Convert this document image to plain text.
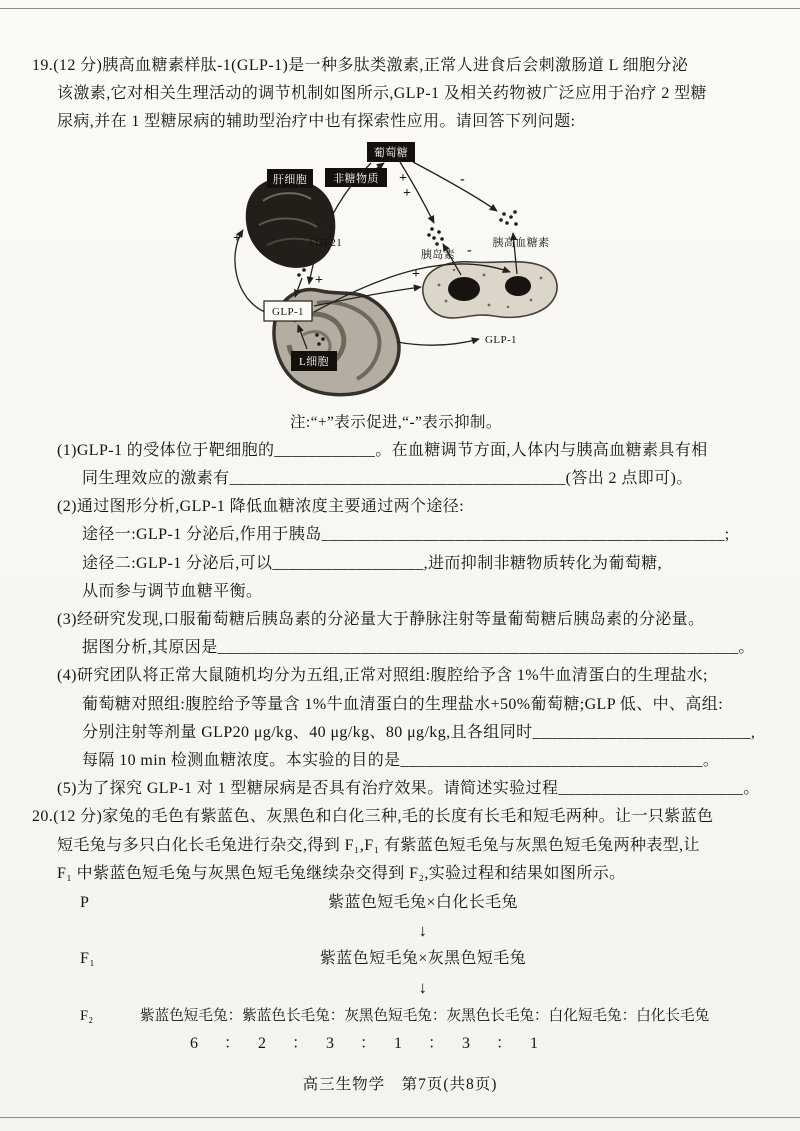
19.(12 分)胰高血糖素样肽-1(GLP-1)是一种多肽类激素,正常人进食后会刺激肠道 L 细胞分泌
该激素,它对相关生理活动的调节机制如图所示,GLP-1 及相关药物被广泛应用于治疗 2 型糖
尿病,并在 1 型糖尿病的辅助型治疗中也有探索性应用。请回答下列问题:
+	-
+
+
-
+
+
葡萄糖
肝细胞 非糖物质
GLP-1
L细胞
FGF21
胰岛素
胰高血糖素
GLP-1
注:“+”表示促进,“-”表示抑制。
(1)GLP-1 的受体位于靶细胞的____________。在血糖调节方面,人体内与胰高血糖素具有相
同生理效应的激素有________________________________________(答出 2 点即可)。
(2)通过图形分析,GLP-1 降低血糖浓度主要通过两个途径:
途径一:GLP-1 分泌后,作用于胰岛________________________________________________;
途径二:GLP-1 分泌后,可以__________________,进而抑制非糖物质转化为葡萄糖,
从而参与调节血糖平衡。
(3)经研究发现,口服葡萄糖后胰岛素的分泌量大于静脉注射等量葡萄糖后胰岛素的分泌量。
据图分析,其原因是______________________________________________________________。
(4)研究团队将正常大鼠随机均分为五组,正常对照组:腹腔给予含 1%牛血清蛋白的生理盐水;
葡萄糖对照组:腹腔给予等量含 1%牛血清蛋白的生理盐水+50%葡萄糖;GLP 低、中、高组:
分别注射等剂量 GLP20 μg/kg、40 μg/kg、80 μg/kg,且各组同时__________________________,
每隔 10 min 检测血糖浓度。本实验的目的是____________________________________。
(5)为了探究 GLP-1 对 1 型糖尿病是否具有治疗效果。请简述实验过程______________________。
20.(12 分)家兔的毛色有紫蓝色、灰黑色和白化三种,毛的长度有长毛和短毛两种。让一只紫蓝色
短毛兔与多只白化长毛兔进行杂交,得到 F₁,F₁ 有紫蓝色短毛兔与灰黑色短毛兔两种表型,让
F₁ 中紫蓝色短毛兔与灰黑色短毛兔继续杂交得到 F₂,实验过程和结果如图所示。
P	紫蓝色短毛兔×白化长毛兔
↓
F₁	紫蓝色短毛兔×灰黑色短毛兔
↓
F₂	紫蓝色短毛兔：紫蓝色长毛兔：灰黑色短毛兔：灰黑色长毛兔：白化短毛兔：白化长毛兔
6　：　2　：　3　：　1　：　3　：　1
高三生物学　第7页(共8页)
